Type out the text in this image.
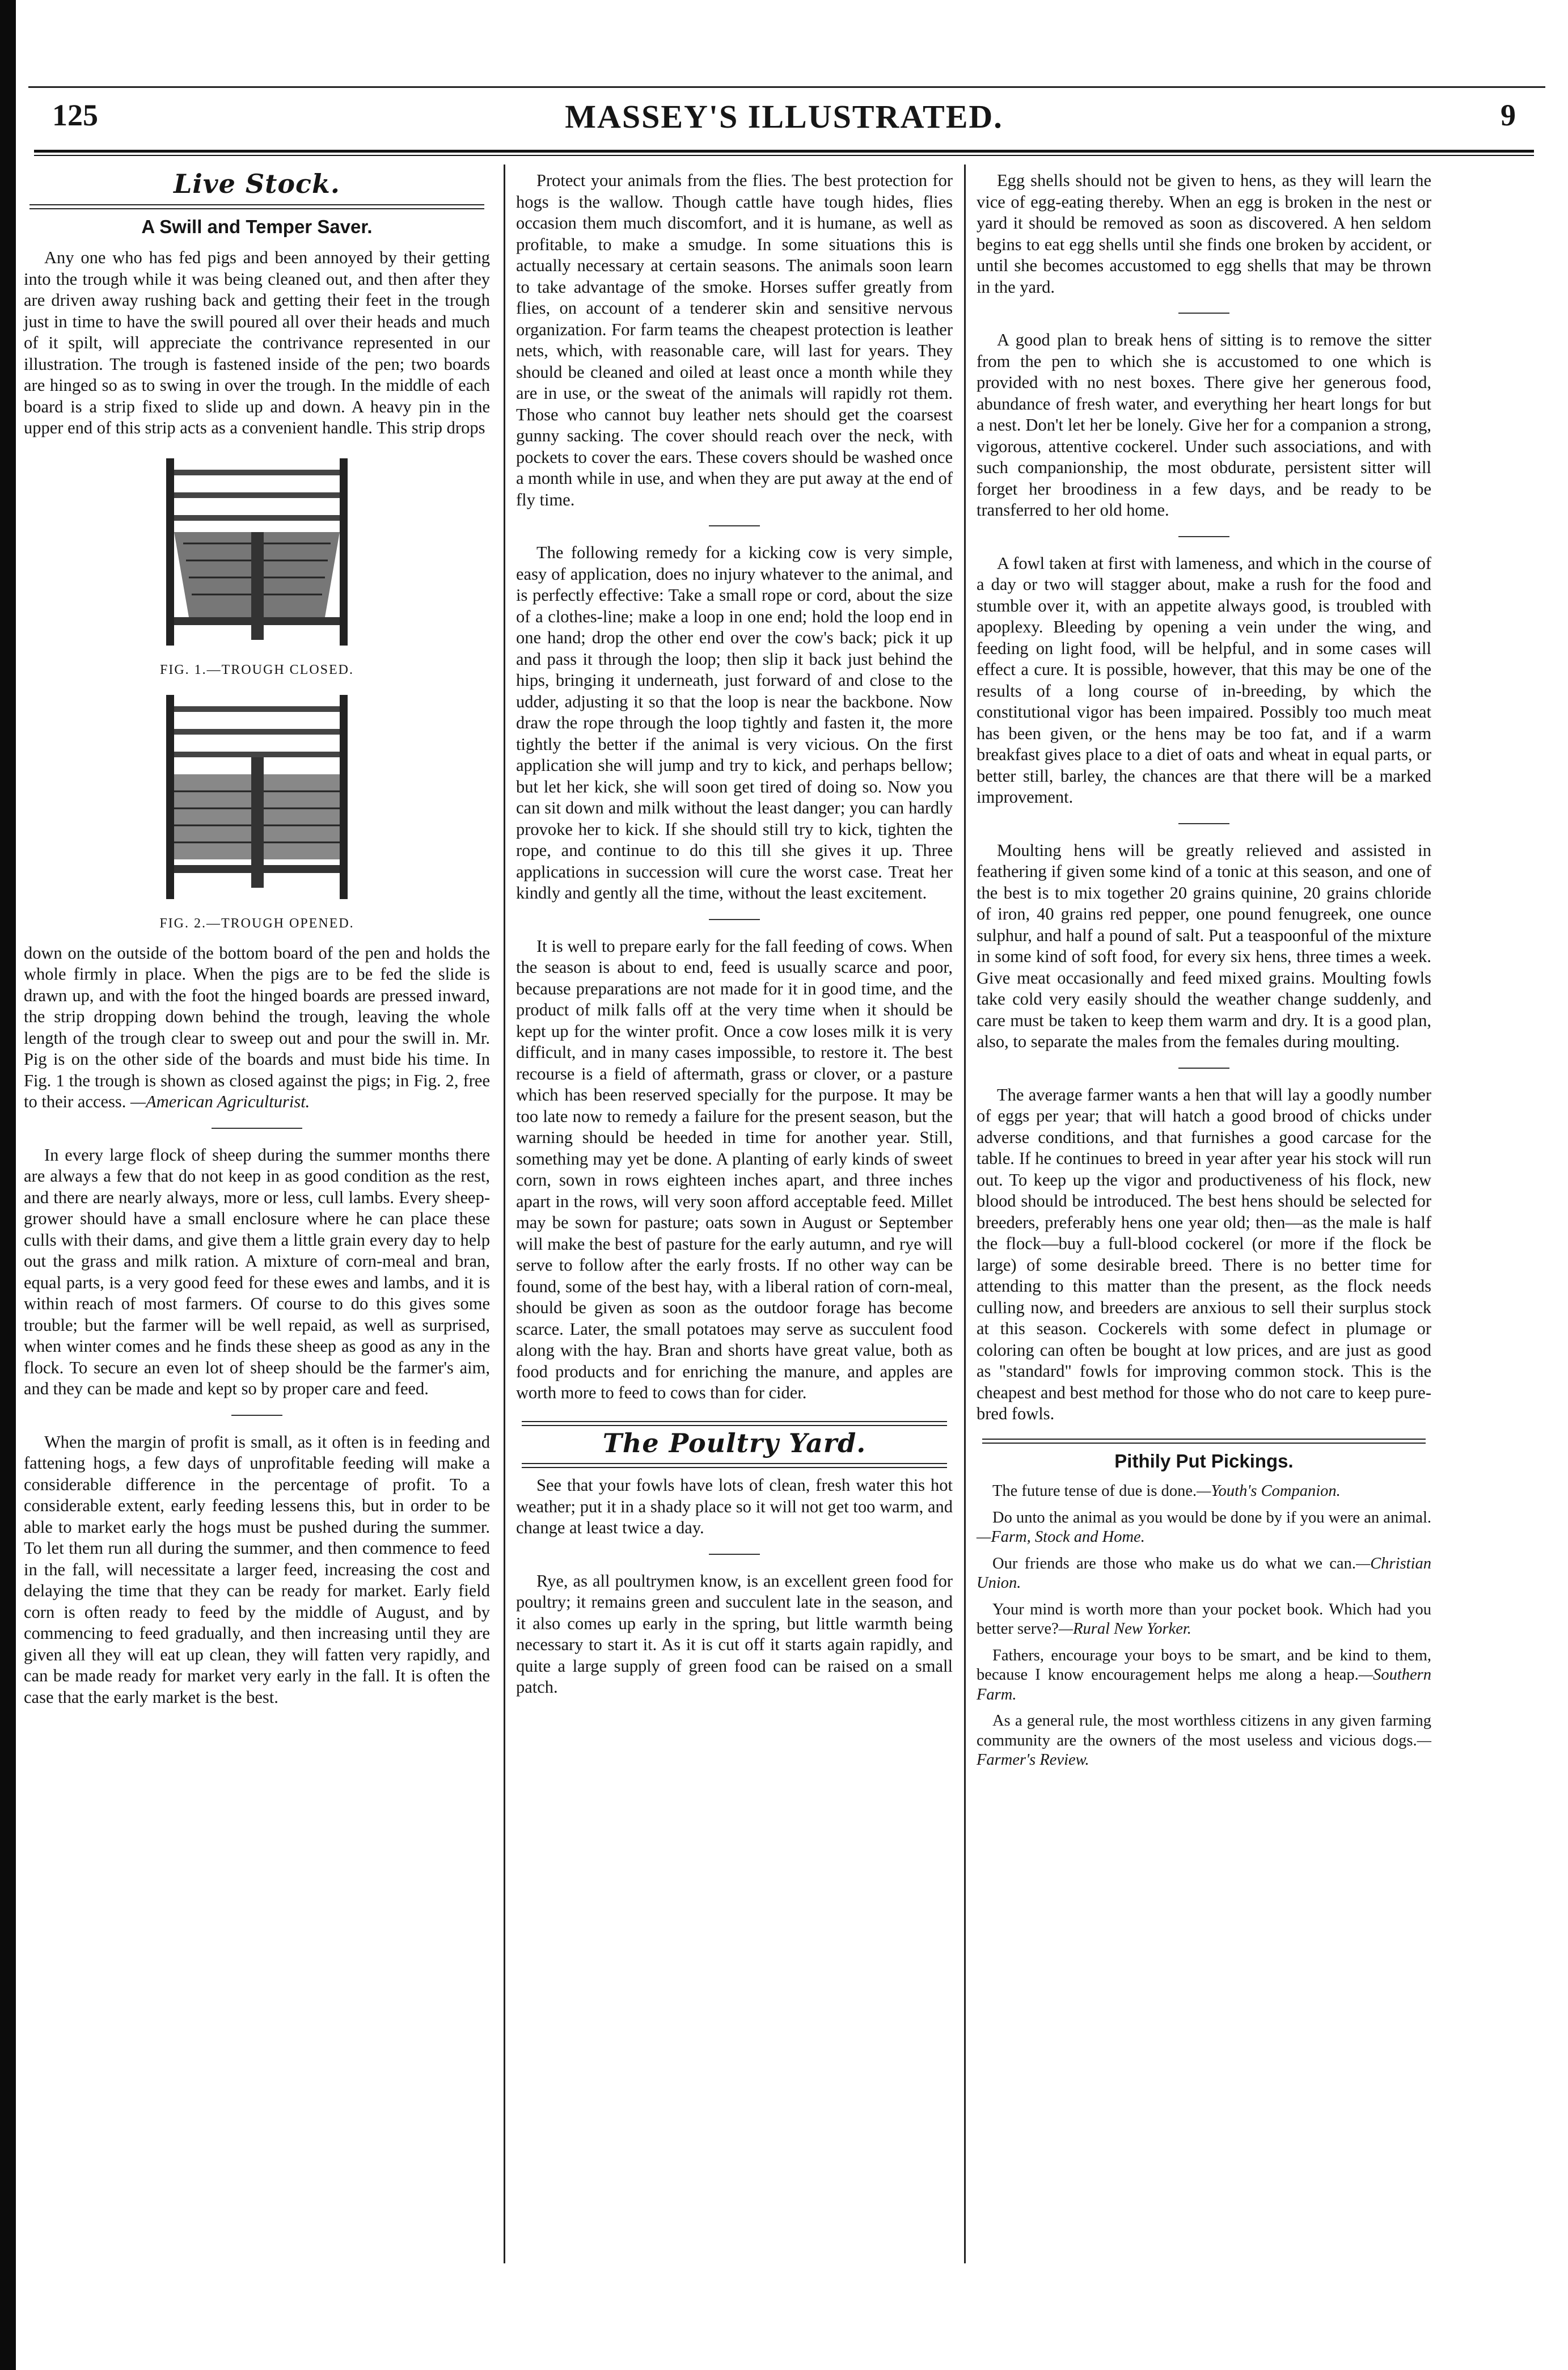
125	MASSEY'S ILLUSTRATED.	9
Live Stock.
A Swill and Temper Saver.

Any one who has fed pigs and been annoyed by their getting into the trough while it was being cleaned out, and then after they are driven away rushing back and getting their feet in the trough just in time to have the swill poured all over their heads and much of it spilt, will appreciate the contrivance represented in our illustration. The trough is fastened inside of the pen; two boards are hinged so as to swing in over the trough. In the middle of each board is a strip fixed to slide up and down. A heavy pin in the upper end of this strip acts as a convenient handle. This strip drops

FIG. 1.—TROUGH CLOSED.
FIG. 2.—TROUGH OPENED.

down on the outside of the bottom board of the pen and holds the whole firmly in place. When the pigs are to be fed the slide is drawn up, and with the foot the hinged boards are pressed inward, the strip dropping down behind the trough, leaving the whole length of the trough clear to sweep out and pour the swill in. Mr. Pig is on the other side of the boards and must bide his time. In Fig. 1 the trough is shown as closed against the pigs; in Fig. 2, free to their access. —American Agriculturist.

In every large flock of sheep during the summer months there are always a few that do not keep in as good condition as the rest, and there are nearly always, more or less, cull lambs. Every sheep-grower should have a small enclosure where he can place these culls with their dams, and give them a little grain every day to help out the grass and milk ration. A mixture of corn-meal and bran, equal parts, is a very good feed for these ewes and lambs, and it is within reach of most farmers. Of course to do this gives some trouble; but the farmer will be well repaid, as well as surprised, when winter comes and he finds these sheep as good as any in the flock. To secure an even lot of sheep should be the farmer's aim, and they can be made and kept so by proper care and feed.

When the margin of profit is small, as it often is in feeding and fattening hogs, a few days of unprofitable feeding will make a considerable difference in the percentage of profit. To a considerable extent, early feeding lessens this, but in order to be able to market early the hogs must be pushed during the summer. To let them run all during the summer, and then commence to feed in the fall, will necessitate a larger feed, increasing the cost and delaying the time that they can be ready for market. Early field corn is often ready to feed by the middle of August, and by commencing to feed gradually, and then increasing until they are given all they will eat up clean, they will fatten very rapidly, and can be made ready for market very early in the fall. It is often the case that the early market is the best.

Protect your animals from the flies. The best protection for hogs is the wallow. Though cattle have tough hides, flies occasion them much discomfort, and it is humane, as well as profitable, to make a smudge. In some situations this is actually necessary at certain seasons. The animals soon learn to take advantage of the smoke. Horses suffer greatly from flies, on account of a tenderer skin and sensitive nervous organization. For farm teams the cheapest protection is leather nets, which, with reasonable care, will last for years. They should be cleaned and oiled at least once a month while they are in use, or the sweat of the animals will rapidly rot them. Those who cannot buy leather nets should get the coarsest gunny sacking. The cover should reach over the neck, with pockets to cover the ears. These covers should be washed once a month while in use, and when they are put away at the end of fly time.

The following remedy for a kicking cow is very simple, easy of application, does no injury whatever to the animal, and is perfectly effective: Take a small rope or cord, about the size of a clothes-line; make a loop in one end; hold the loop end in one hand; drop the other end over the cow's back; pick it up and pass it through the loop; then slip it back just behind the hips, bringing it underneath, just forward of and close to the udder, adjusting it so that the loop is near the backbone. Now draw the rope through the loop tightly and fasten it, the more tightly the better if the animal is very vicious. On the first application she will jump and try to kick, and perhaps bellow; but let her kick, she will soon get tired of doing so. Now you can sit down and milk without the least danger; you can hardly provoke her to kick. If she should still try to kick, tighten the rope, and continue to do this till she gives it up. Three applications in succession will cure the worst case. Treat her kindly and gently all the time, without the least excitement.

It is well to prepare early for the fall feeding of cows. When the season is about to end, feed is usually scarce and poor, because preparations are not made for it in good time, and the product of milk falls off at the very time when it should be kept up for the winter profit. Once a cow loses milk it is very difficult, and in many cases impossible, to restore it. The best recourse is a field of aftermath, grass or clover, or a pasture which has been reserved specially for the purpose. It may be too late now to remedy a failure for the present season, but the warning should be heeded in time for another year. Still, something may yet be done. A planting of early kinds of sweet corn, sown in rows eighteen inches apart, and three inches apart in the rows, will very soon afford acceptable feed. Millet may be sown for pasture; oats sown in August or September will make the best of pasture for the early autumn, and rye will serve to follow after the early frosts. If no other way can be found, some of the best hay, with a liberal ration of corn-meal, should be given as soon as the outdoor forage has become scarce. Later, the small potatoes may serve as succulent food along with the hay. Bran and shorts have great value, both as food products and for enriching the manure, and apples are worth more to feed to cows than for cider.

The Poultry Yard.

See that your fowls have lots of clean, fresh water this hot weather; put it in a shady place so it will not get too warm, and change at least twice a day.

Rye, as all poultrymen know, is an excellent green food for poultry; it remains green and succulent late in the season, and it also comes up early in the spring, but little warmth being necessary to start it. As it is cut off it starts again rapidly, and quite a large supply of green food can be raised on a small patch.

Egg shells should not be given to hens, as they will learn the vice of egg-eating thereby. When an egg is broken in the nest or yard it should be removed as soon as discovered. A hen seldom begins to eat egg shells until she finds one broken by accident, or until she becomes accustomed to egg shells that may be thrown in the yard.

A good plan to break hens of sitting is to remove the sitter from the pen to which she is accustomed to one which is provided with no nest boxes. There give her generous food, abundance of fresh water, and everything her heart longs for but a nest. Don't let her be lonely. Give her for a companion a strong, vigorous, attentive cockerel. Under such associations, and with such companionship, the most obdurate, persistent sitter will forget her broodiness in a few days, and be ready to be transferred to her old home.

A fowl taken at first with lameness, and which in the course of a day or two will stagger about, make a rush for the food and stumble over it, with an appetite always good, is troubled with apoplexy. Bleeding by opening a vein under the wing, and feeding on light food, will be helpful, and in some cases will effect a cure. It is possible, however, that this may be one of the results of a long course of in-breeding, by which the constitutional vigor has been impaired. Possibly too much meat has been given, or the hens may be too fat, and if a warm breakfast gives place to a diet of oats and wheat in equal parts, or better still, barley, the chances are that there will be a marked improvement.

Moulting hens will be greatly relieved and assisted in feathering if given some kind of a tonic at this season, and one of the best is to mix together 20 grains quinine, 20 grains chloride of iron, 40 grains red pepper, one pound fenugreek, one ounce sulphur, and half a pound of salt. Put a teaspoonful of the mixture in some kind of soft food, for every six hens, three times a week. Give meat occasionally and feed mixed grains. Moulting fowls take cold very easily should the weather change suddenly, and care must be taken to keep them warm and dry. It is a good plan, also, to separate the males from the females during moulting.

The average farmer wants a hen that will lay a goodly number of eggs per year; that will hatch a good brood of chicks under adverse conditions, and that furnishes a good carcase for the table. If he continues to breed in year after year his stock will run out. To keep up the vigor and productiveness of his flock, new blood should be introduced. The best hens should be selected for breeders, preferably hens one year old; then—as the male is half the flock—buy a full-blood cockerel (or more if the flock be large) of some desirable breed. There is no better time for attending to this matter than the present, as the flock needs culling now, and breeders are anxious to sell their surplus stock at this season. Cockerels with some defect in plumage or coloring can often be bought at low prices, and are just as good as "standard" fowls for improving common stock. This is the cheapest and best method for those who do not care to keep pure-bred fowls.

Pithily Put Pickings.

The future tense of due is done.—Youth's Companion.

Do unto the animal as you would be done by if you were an animal.—Farm, Stock and Home.

Our friends are those who make us do what we can.—Christian Union.

Your mind is worth more than your pocket book. Which had you better serve?—Rural New Yorker.

Fathers, encourage your boys to be smart, and be kind to them, because I know encouragement helps me along a heap.—Southern Farm.

As a general rule, the most worthless citizens in any given farming community are the owners of the most useless and vicious dogs.—Farmer's Review.
